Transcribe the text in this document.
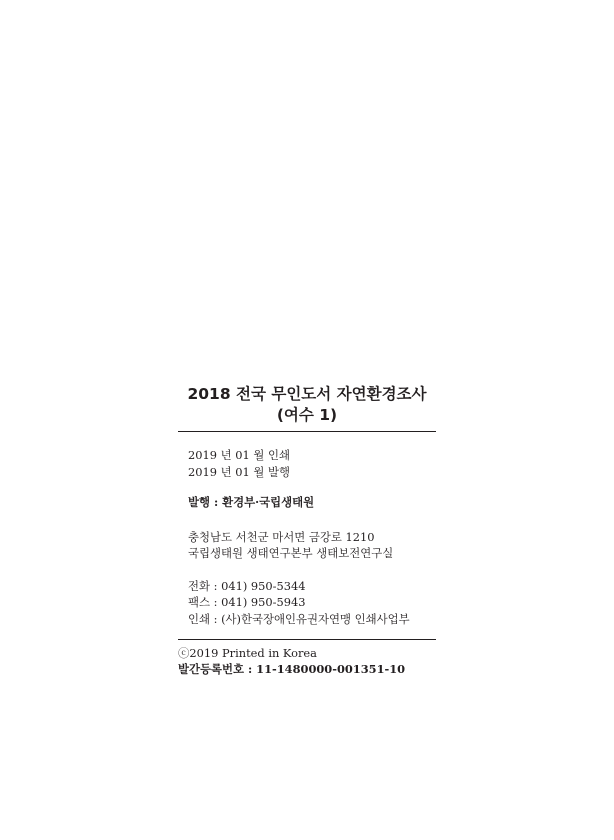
2018 전국 무인도서 자연환경조사
(여수 1)

2019 년 01 월 인쇄

2019 년 01 월 발행

발행 : 환경부·국립생태원

충청남도 서천군 마서면 금강로 1210

국립생태원 생태연구본부 생태보전연구실

전화 : 041) 950-5344

팩스 : 041) 950-5943

인쇄 : (사)한국장애인유권자연맹 인쇄사업부

ⓒ2019 Printed in Korea

발간등록번호 : 11-1480000-001351-10
